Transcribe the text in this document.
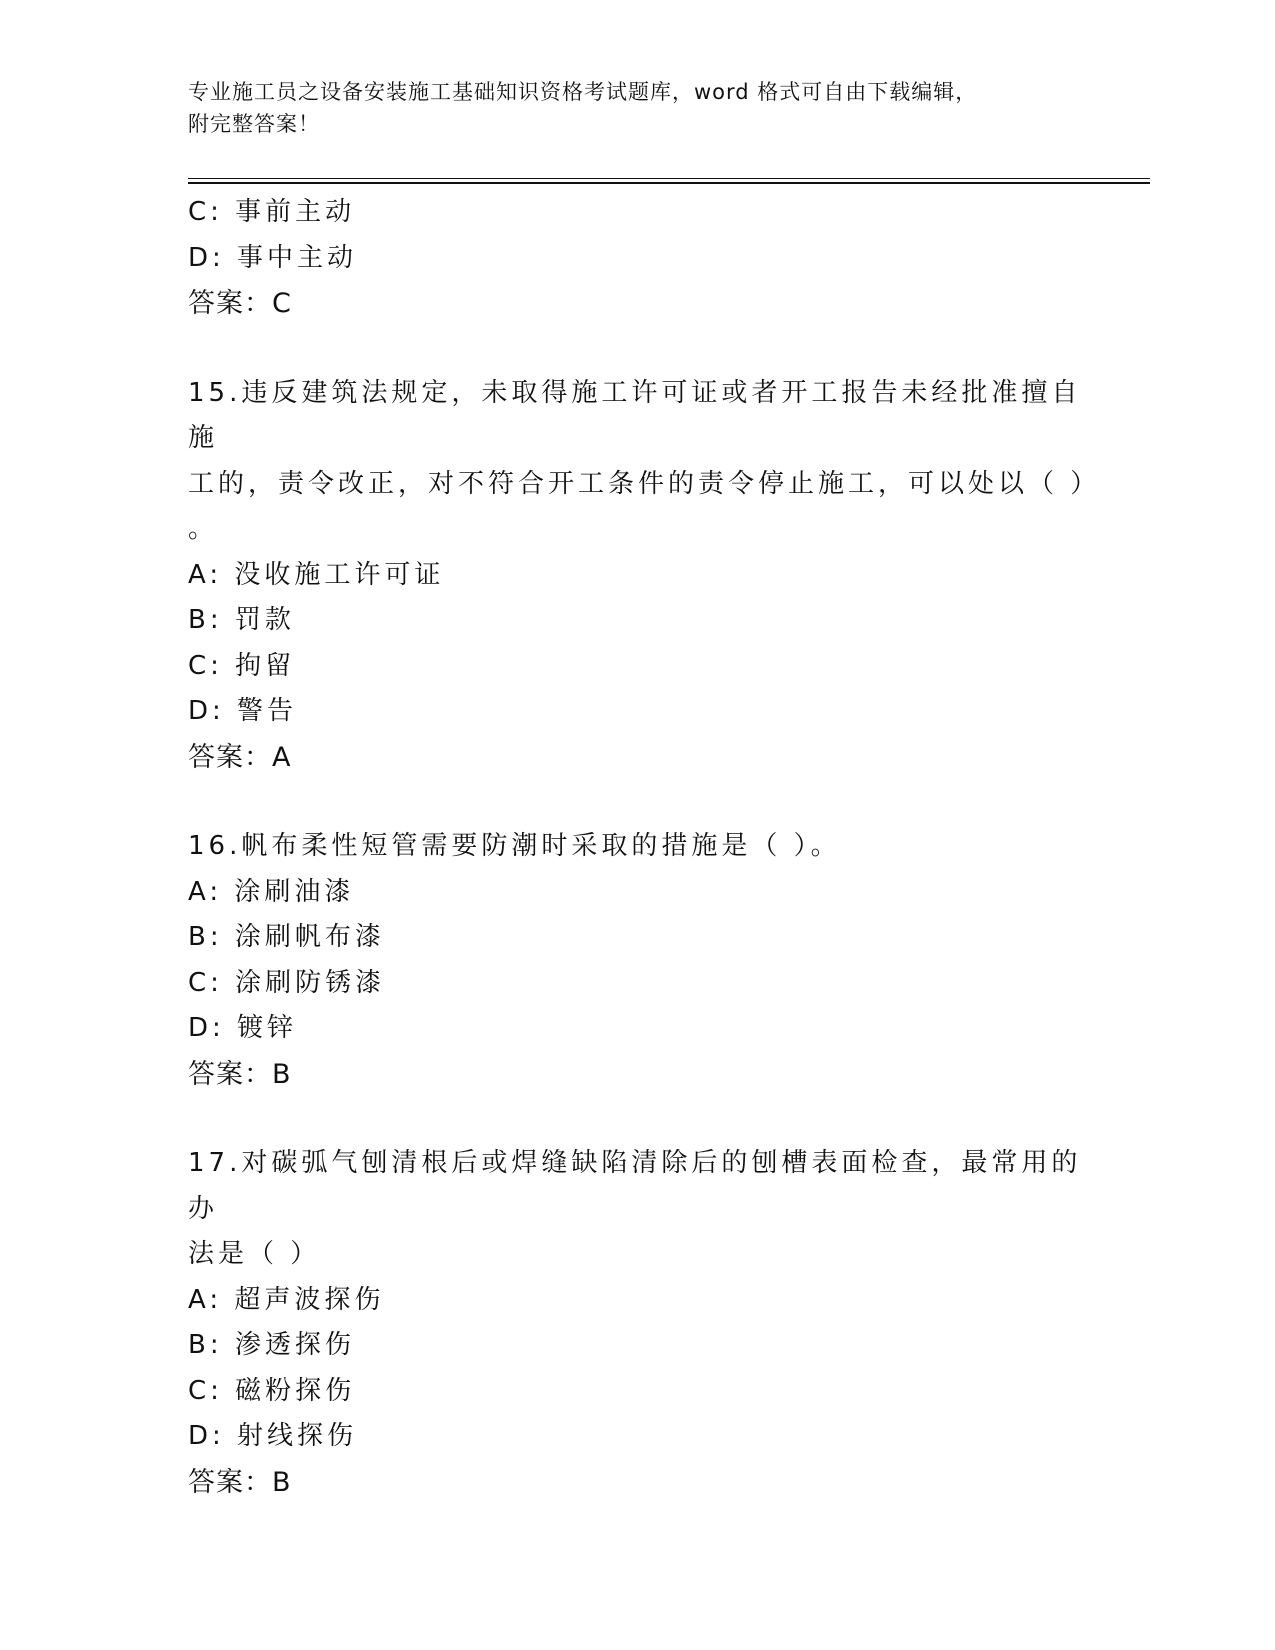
专业施工员之设备安装施工基础知识资格考试题库，word 格式可自由下载编辑，
附完整答案！
C: 事前主动
D: 事中主动
答案：C
15.违反建筑法规定，未取得施工许可证或者开工报告未经批准擅自施
工的，责令改正，对不符合开工条件的责令停止施工，可以处以（ ）
。
A: 没收施工许可证
B: 罚款
C: 拘留
D: 警告
答案：A
16.帆布柔性短管需要防潮时采取的措施是（ ）。
A: 涂刷油漆
B: 涂刷帆布漆
C: 涂刷防锈漆
D: 镀锌
答案：B
17.对碳弧气刨清根后或焊缝缺陷清除后的刨槽表面检查，最常用的办
法是（ ）
A: 超声波探伤
B: 渗透探伤
C: 磁粉探伤
D: 射线探伤
答案：B
